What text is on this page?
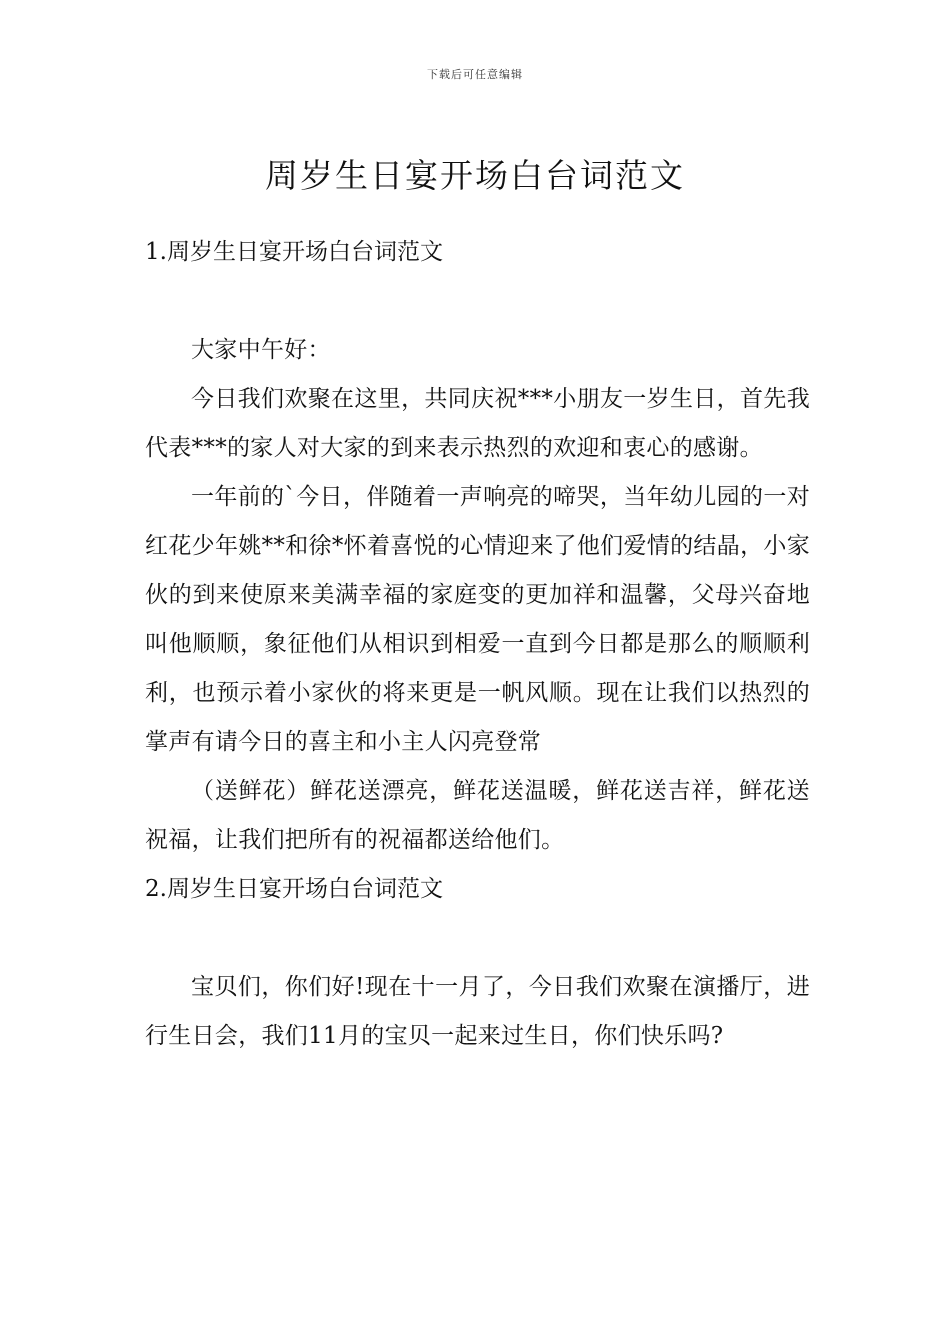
下载后可任意编辑
周岁生日宴开场白台词范文
1.周岁生日宴开场白台词范文

大家中午好：

今日我们欢聚在这里，共同庆祝***小朋友一岁生日，首先我代表***的家人对大家的到来表示热烈的欢迎和衷心的感谢。

一年前的`今日，伴随着一声响亮的啼哭，当年幼儿园的一对红花少年姚**和徐*怀着喜悦的心情迎来了他们爱情的结晶，小家伙的到来使原来美满幸福的家庭变的更加祥和温馨，父母兴奋地叫他顺顺，象征他们从相识到相爱一直到今日都是那么的顺顺利利，也预示着小家伙的将来更是一帆风顺。现在让我们以热烈的掌声有请今日的喜主和小主人闪亮登常

（送鲜花）鲜花送漂亮，鲜花送温暖，鲜花送吉祥，鲜花送祝福，让我们把所有的祝福都送给他们。

2.周岁生日宴开场白台词范文

宝贝们，你们好!现在十一月了，今日我们欢聚在演播厅，进行生日会，我们11月的宝贝一起来过生日，你们快乐吗?
